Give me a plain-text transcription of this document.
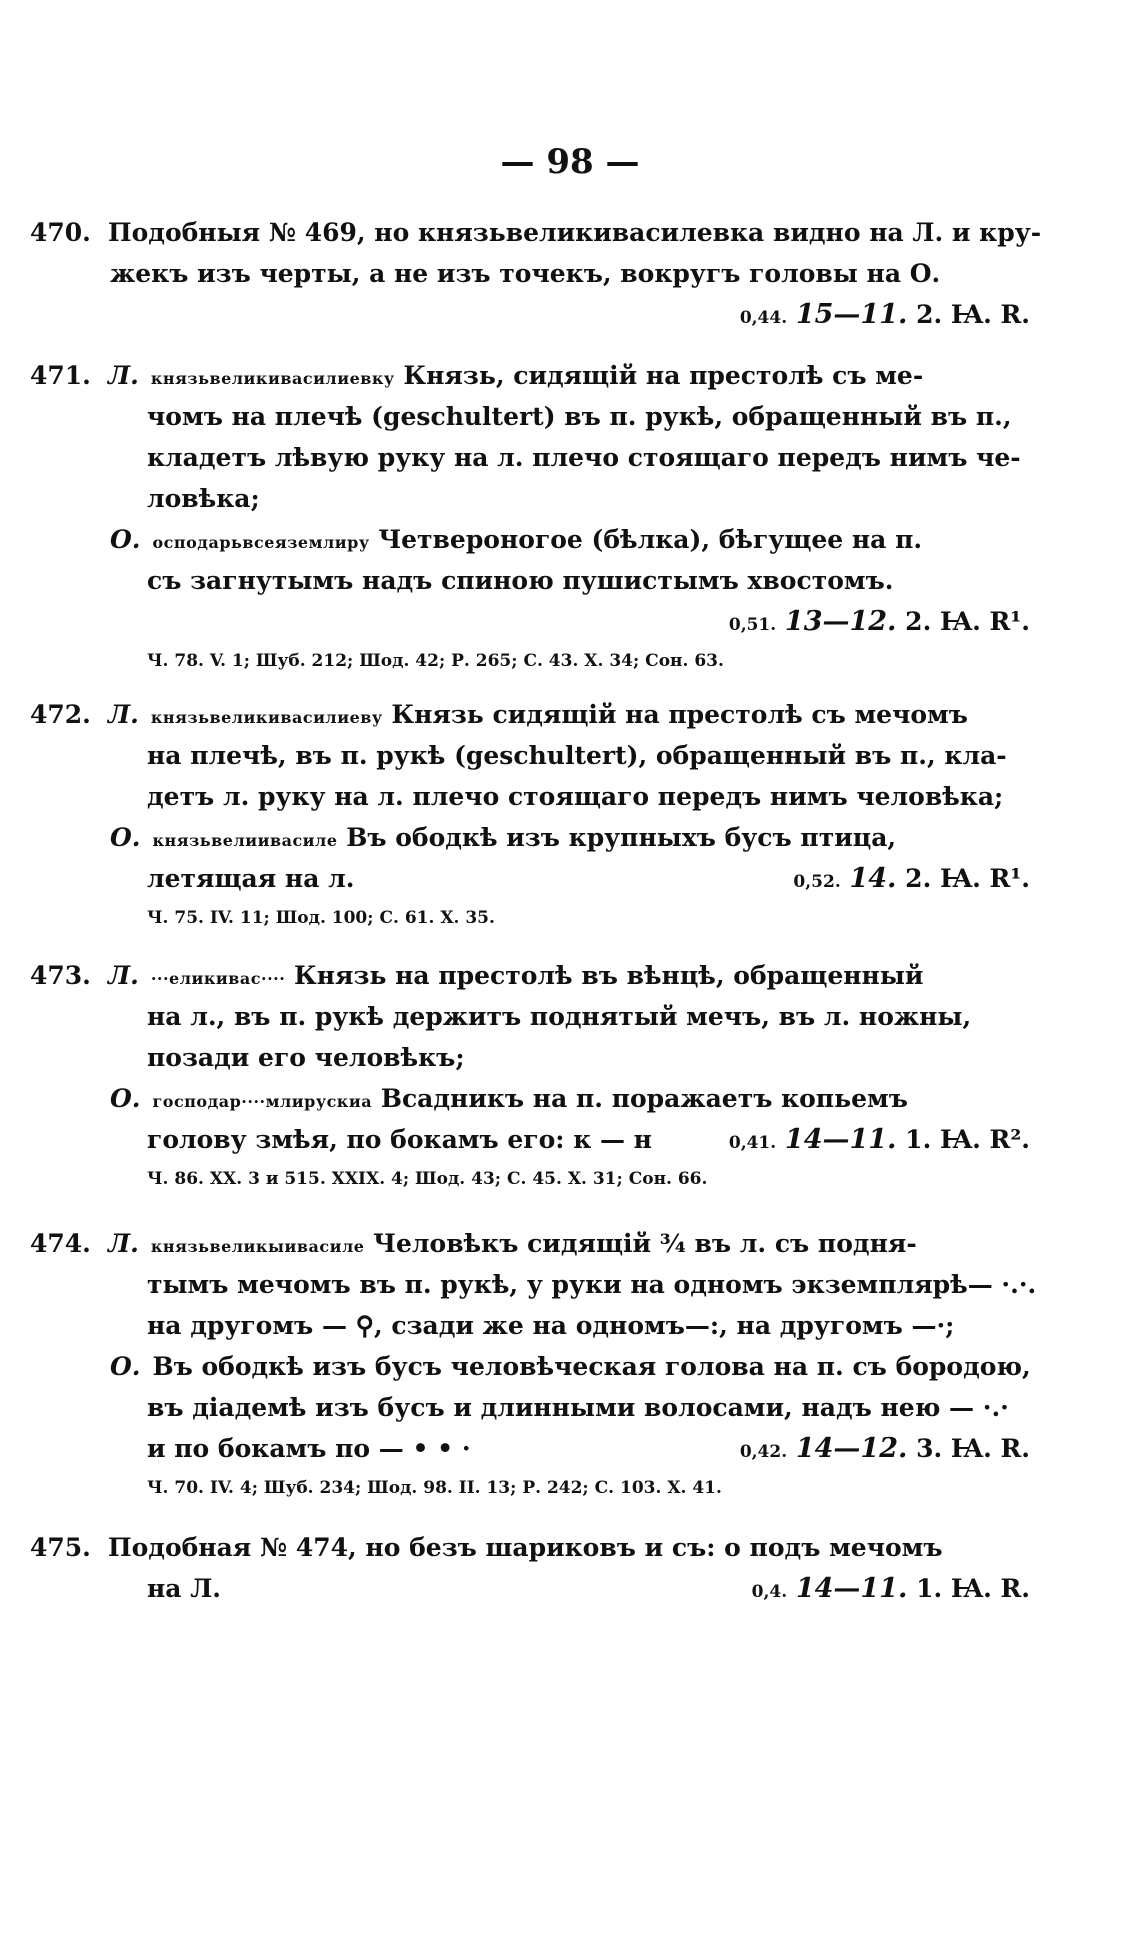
— 98 —
470. Подобныя № 469, но князьвеликивасилевка видно на Л. и кру-
жекъ изъ черты, а не изъ точекъ, вокругъ головы на О.
0,44. 15—11. 2. Ꙗ. R.
471. Л. князьвеликивасилиевку Князь, сидящій на престолѣ съ ме-
чомъ на плечѣ (geschultert) въ п. рукѣ, обращенный въ п.,
кладетъ лѣвую руку на л. плечо стоящаго передъ нимъ че-
ловѣка;
О. осподарьвсеяземлиру Четвероногое (бѣлка), бѣгущее на п.
съ загнутымъ надъ спиною пушистымъ хвостомъ.
0,51. 13—12. 2. Ꙗ. R¹.
Ч. 78. V. 1; Шуб. 212; Шод. 42; Р. 265; С. 43. Х. 34; Сон. 63.
472. Л. князьвеликивасилиеву Князь сидящій на престолѣ съ мечомъ
на плечѣ, въ п. рукѣ (geschultert), обращенный въ п., кла-
детъ л. руку на л. плечо стоящаго передъ нимъ человѣка;
О. князьвелиивасиле Въ ободкѣ изъ крупныхъ бусъ птица,
летящая на л.	0,52. 14. 2. Ꙗ. R¹.
Ч. 75. IV. 11; Шод. 100; С. 61. Х. 35.
473. Л. ···еликивас···· Князь на престолѣ въ вѣнцѣ, обращенный
на л., въ п. рукѣ держитъ поднятый мечъ, въ л. ножны,
позади его человѣкъ;
О. госпoдар····млирускиа Всадникъ на п. поражаетъ копьемъ
голову змѣя, по бокамъ его: к — н	0,41. 14—11. 1. Ꙗ. R².
Ч. 86. XX. 3 и 515. XXIX. 4; Шод. 43; С. 45. Х. 31; Сон. 66.
474. Л. князьвеликыивасиле Человѣкъ сидящій ¾ въ л. съ подня-
тымъ мечомъ въ п. рукѣ, у руки на одномъ экземплярѣ— ·.·.
на другомъ — ⚲, сзади же на одномъ—:, на другомъ —·;
О. Въ ободкѣ изъ бусъ человѣческая голова на п. съ бородою,
въ діадемѣ изъ бусъ и длинными волосами, надъ нею — ·.·
и по бокамъ по — • • ·	0,42. 14—12. 3. Ꙗ. R.
Ч. 70. IV. 4; Шуб. 234; Шод. 98. II. 13; Р. 242; С. 103. Х. 41.
475. Подобная № 474, но безъ шариковъ и съ: о подъ мечомъ
на Л.	0,4. 14—11. 1. Ꙗ. R.
